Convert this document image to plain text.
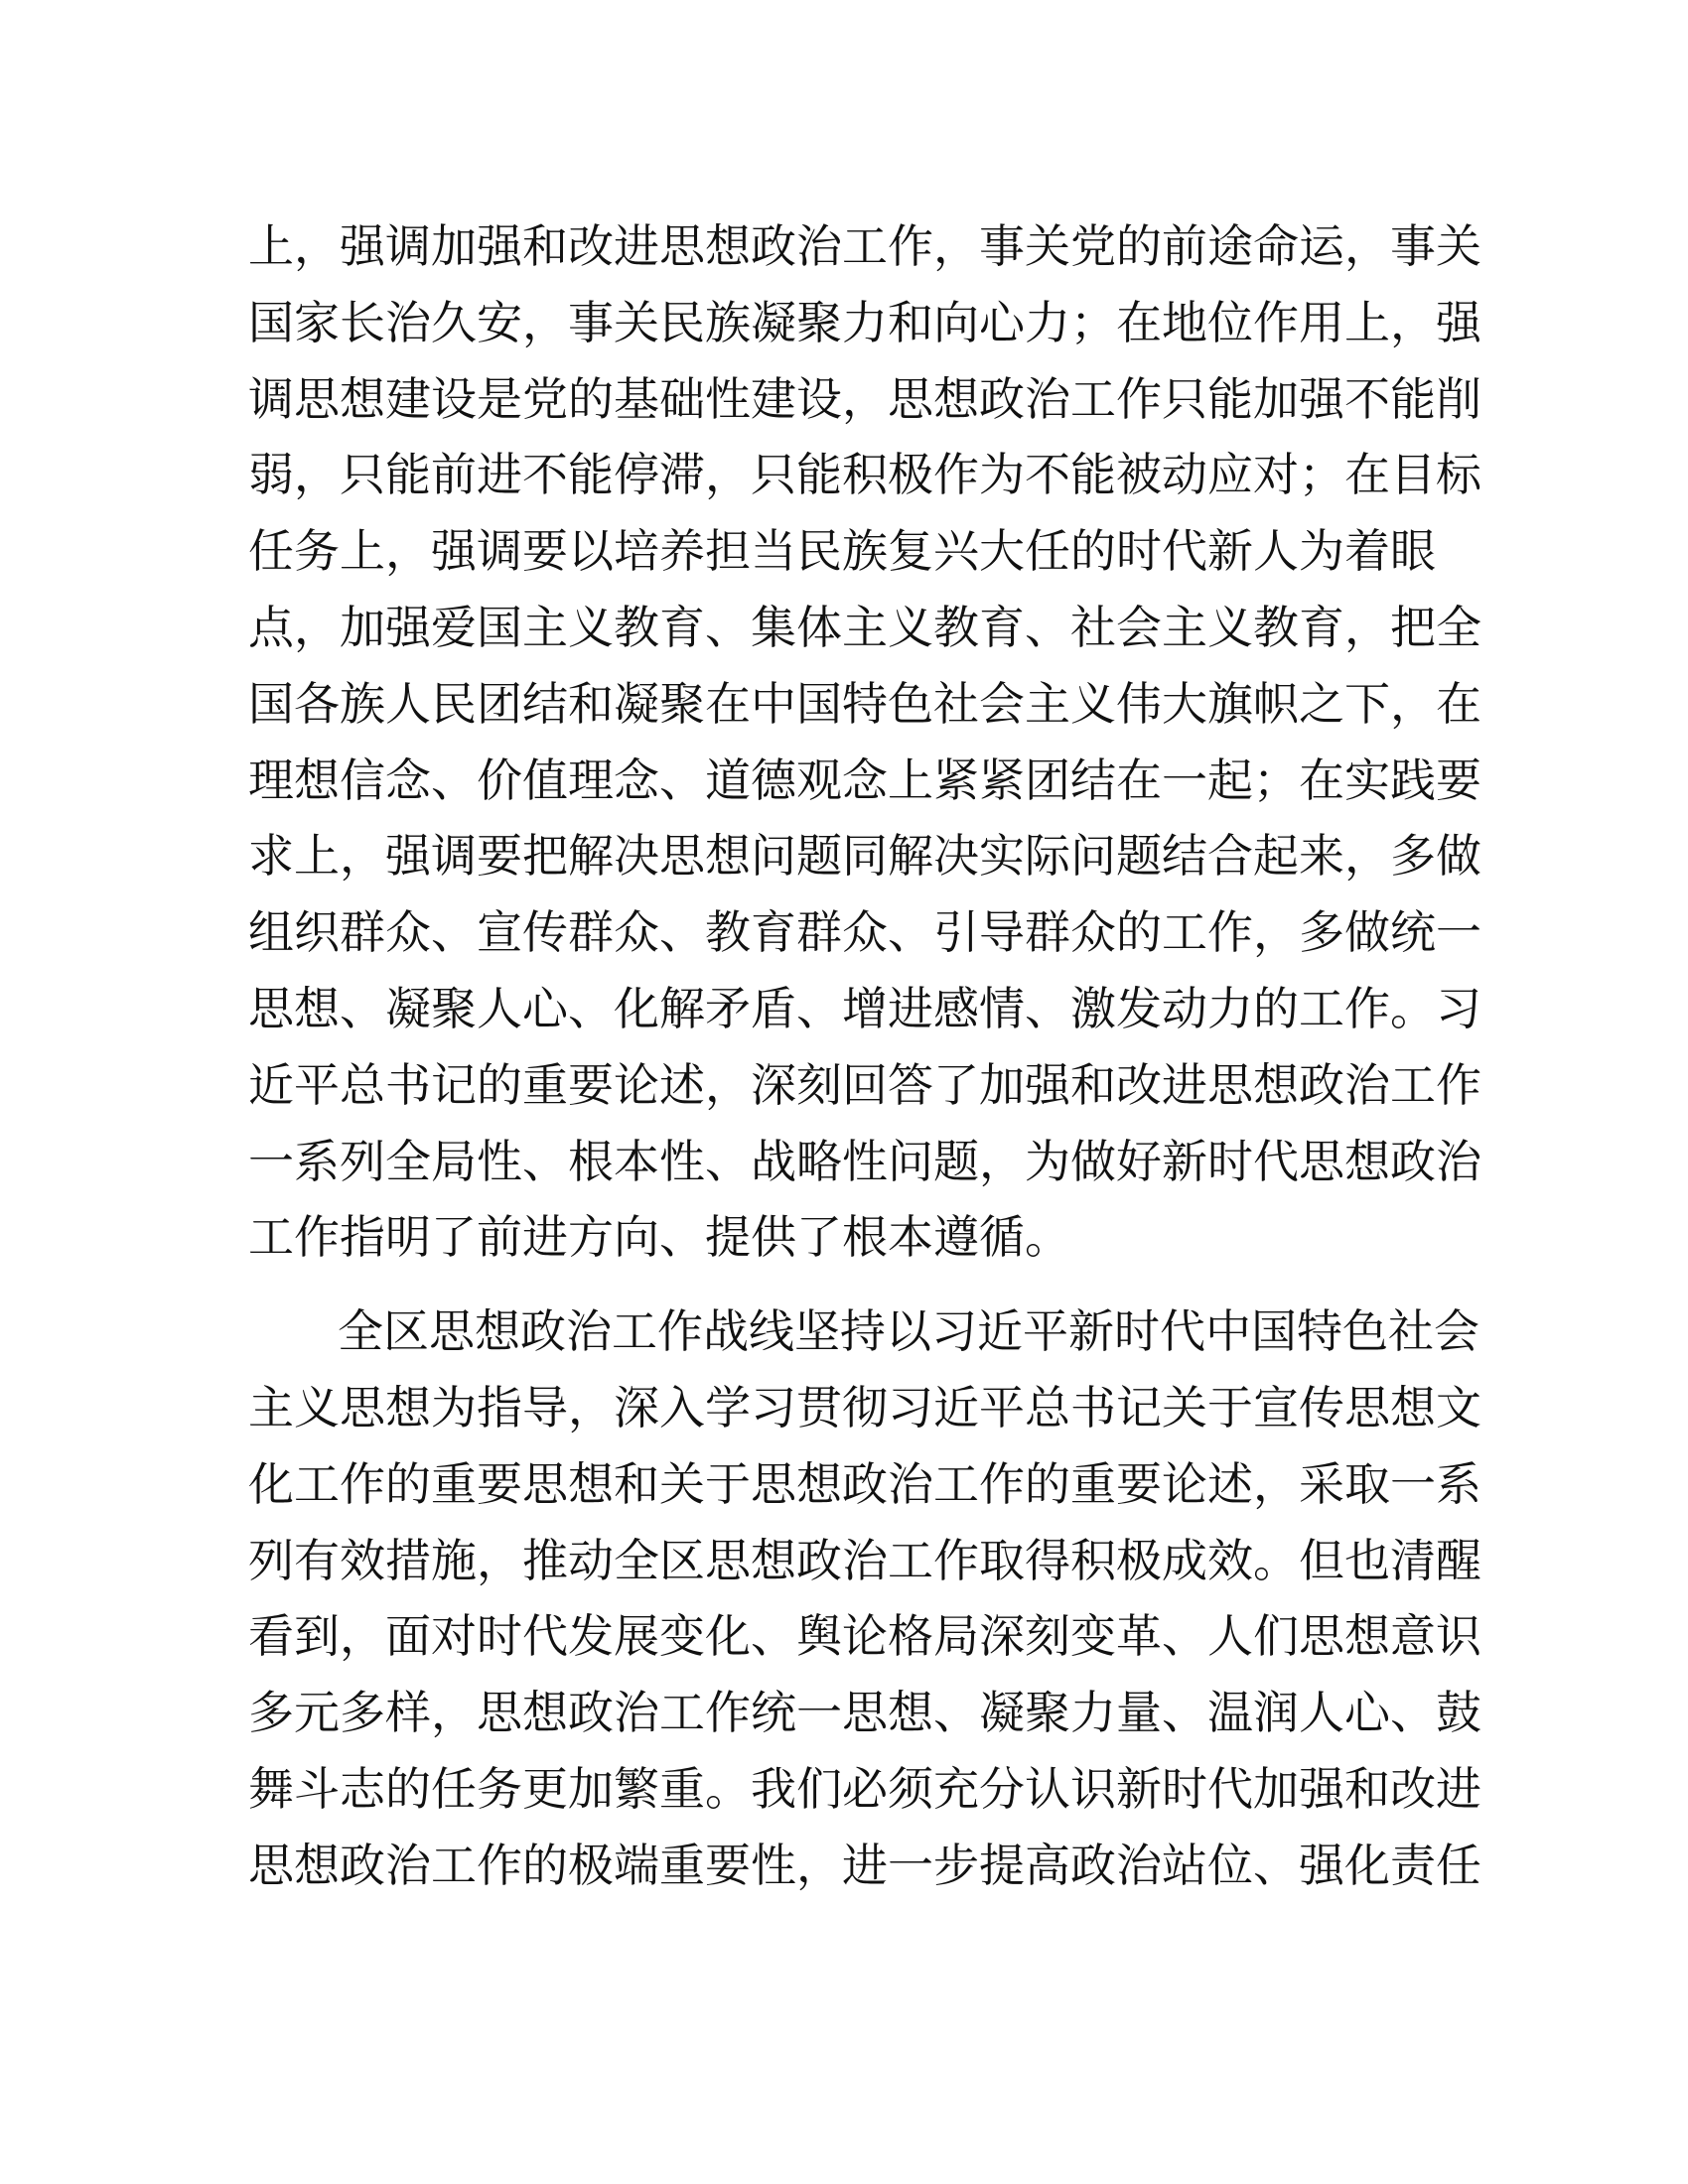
上，强调加强和改进思想政治工作，事关党的前途命运，事关
国家长治久安，事关民族凝聚力和向心力；在地位作用上，强
调思想建设是党的基础性建设，思想政治工作只能加强不能削
弱，只能前进不能停滞，只能积极作为不能被动应对；在目标
任务上，强调要以培养担当民族复兴大任的时代新人为着眼
点，加强爱国主义教育、集体主义教育、社会主义教育，把全
国各族人民团结和凝聚在中国特色社会主义伟大旗帜之下，在
理想信念、价值理念、道德观念上紧紧团结在一起；在实践要
求上，强调要把解决思想问题同解决实际问题结合起来，多做
组织群众、宣传群众、教育群众、引导群众的工作，多做统一
思想、凝聚人心、化解矛盾、增进感情、激发动力的工作。习
近平总书记的重要论述，深刻回答了加强和改进思想政治工作
一系列全局性、根本性、战略性问题，为做好新时代思想政治
工作指明了前进方向、提供了根本遵循。
全区思想政治工作战线坚持以习近平新时代中国特色社会
主义思想为指导，深入学习贯彻习近平总书记关于宣传思想文
化工作的重要思想和关于思想政治工作的重要论述，采取一系
列有效措施，推动全区思想政治工作取得积极成效。但也清醒
看到，面对时代发展变化、舆论格局深刻变革、人们思想意识
多元多样，思想政治工作统一思想、凝聚力量、温润人心、鼓
舞斗志的任务更加繁重。我们必须充分认识新时代加强和改进
思想政治工作的极端重要性，进一步提高政治站位、强化责任
